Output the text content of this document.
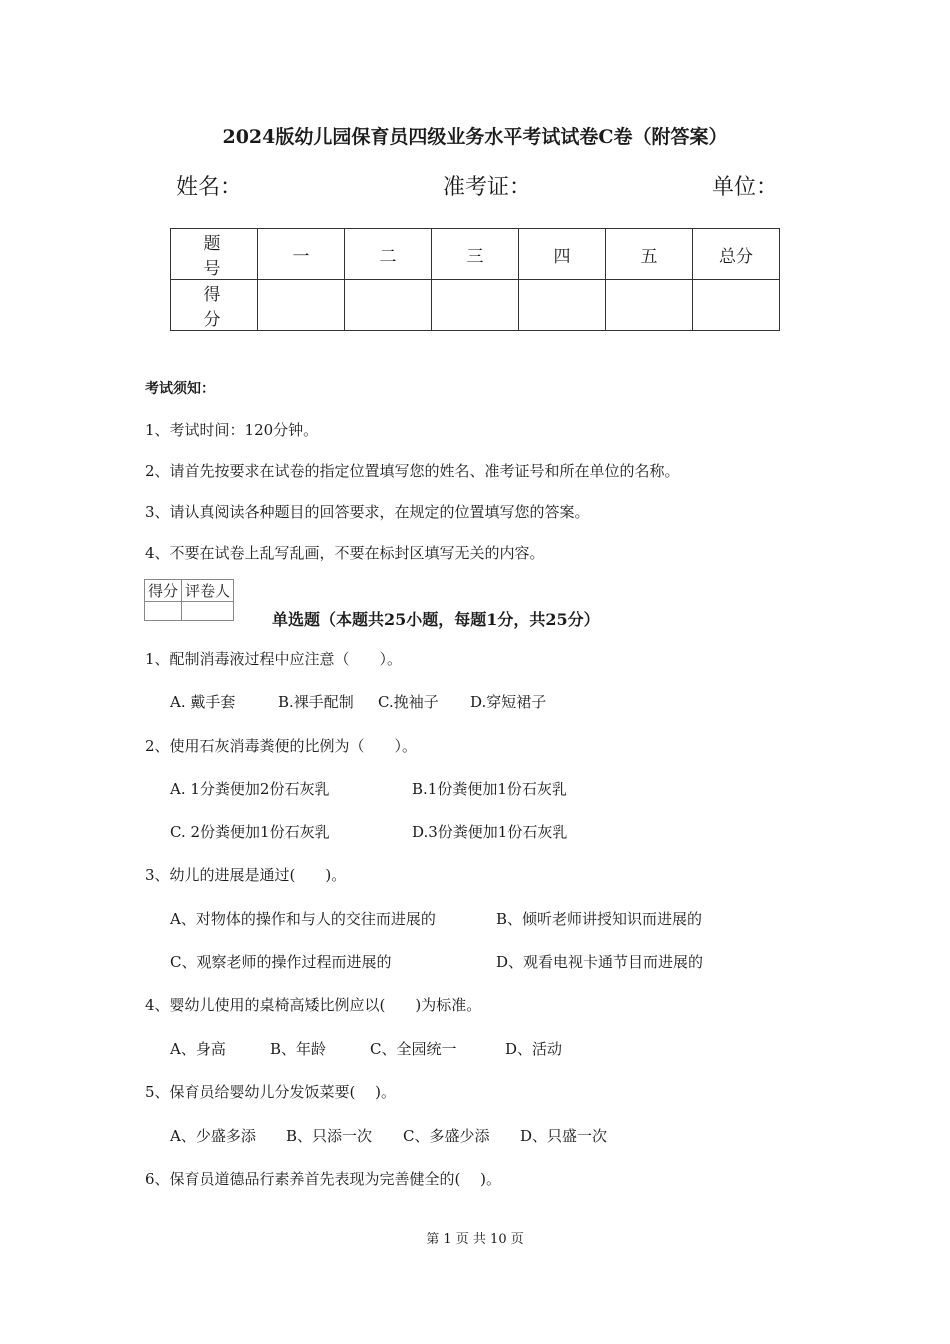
2024版幼儿园保育员四级业务水平考试试卷C卷（附答案）
姓名：	准考证：	单位：
题 号	一	二	三	四	五	总分
得 分						
考试须知：
1、考试时间：120分钟。
2、请首先按要求在试卷的指定位置填写您的姓名、准考证号和所在单位的名称。
3、请认真阅读各种题目的回答要求，在规定的位置填写您的答案。
4、不要在试卷上乱写乱画，不要在标封区填写无关的内容。
得分	评卷人

单选题（本题共25小题，每题1分，共25分）
1、配制消毒液过程中应注意（　　）。
A. 戴手套	B.裸手配制 C.挽袖子 D.穿短裙子
2、使用石灰消毒粪便的比例为（　　）。
A. 1分粪便加2份石灰乳	B.1份粪便加1份石灰乳
C. 2份粪便加1份石灰乳	D.3份粪便加1份石灰乳
3、幼儿的进展是通过(　　)。
A、对物体的操作和与人的交往而进展的	B、倾听老师讲授知识而进展的
C、观察老师的操作过程而进展的	D、观看电视卡通节目而进展的
4、婴幼儿使用的桌椅高矮比例应以(　　)为标准。
A、身高	B、年龄	C、全园统一	D、活动
5、保育员给婴幼儿分发饭菜要(　 )。
A、少盛多添 B、只添一次 C、多盛少添 D、只盛一次
6、保育员道德品行素养首先表现为完善健全的(　 )。
第 1 页 共 10 页
